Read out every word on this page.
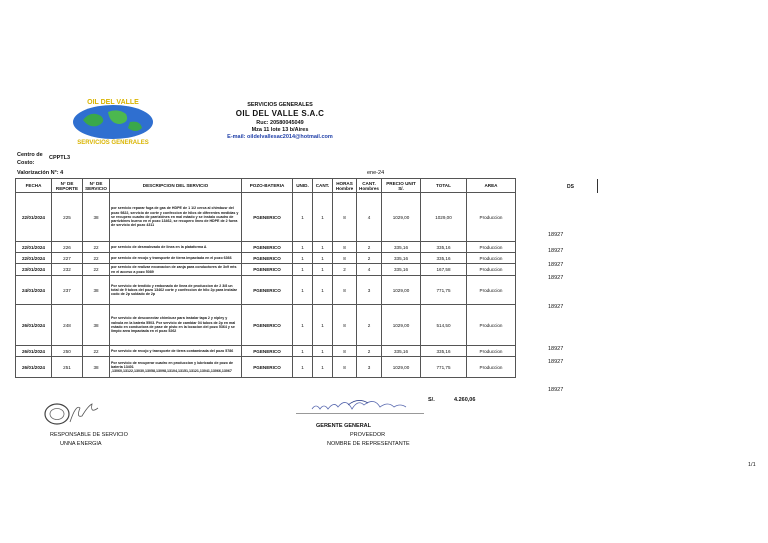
OIL DEL VALLE
SERVICIOS GENERALES
SERVICIOS GENERALES
OIL DEL VALLE S.A.C
Ruc: 20580045049
Mza 11 lote 13 b/Aires
E-mail: oildelvallesac2014@hotmail.com
Centro de Costo:
CPPTL3
Valorización N°: 4	ene-24
FECHA	N° DE REPORTE	N° DE SERVICIO	DESCRIPCION DEL SERVICIO	POZO-BATERIA	UNID.	CANT.	HORAS Hombre	CANT. Hombres	PRECIO UNIT S/.	TOTAL	AREA
22/01/2024	225	38	por servicio reparar fuga de gas de HDPE de 1 1/2 cerca al chimbusr del pozo 9822, servicio de corte y confeccion de hilos de diferentes medidas y se recupero cuadro de parrizbines en mal estado y se instalo cuadro de parrizbines bueno en el pozo 13462, se recupero lineo de HDPE de 2 fuera de servicio del pozo 4311	PGENERICO	1	1	8	4	1029,00	1029,00	Produccion
22/01/2024	226	22	por servicio de desmalezado de linea en la plataforma A	PGENERICO	1	1	8	2	335,16	335,16	Produccion
22/01/2024	227	22	por servicio de recojo y transporte de tierra impactada en el pozo 6366	PGENERICO	1	1	8	2	335,16	335,16	Produccion
23/01/2024	232	22	por servicio de realizar excavacion de zanja para conductores de 3x9 mts en el acceso a pozo 5089	PGENERICO	1	1	2	4	335,16	167,58	Produccion
24/01/2024	237	38	Por servicio de tendido y embonado de linea de produccion de 2 3/8 un total de 9 tubos del pozo 13462 corte y confeccion de hilo 2p para instalar codo de 2p soldado de 2p	PGENERICO	1	1	8	3	1029,00	771,75	Produccion
26/01/2024	248	38	Por servicio de desconectar chimbusr para instalar tapa 2 y nipley y valvula en la bateria 5503. Por servicio de cambiar 04 tubos de 2p en mal estado en conductora de pase de pisto en la locacion del pozo 5364 y se limpio area impactada en el pozo 5262	PGENERICO	1	1	8	2	1029,00	514,50	Produccion
26/01/2024	250	22	Por servicio de recojo y transporte de tierra contaminada del pozo 5786	PGENERICO	1	1	8	2	335,16	335,16	Produccion
26/01/2024	251	38	Por servicio de recuperar cuadro en produccion y lubricado de pozo de bateria 13401 ,13060,13122,13030,13058,13098,13104,13151,13121,13041,13066,13067	PGENERICO	1	1	8	3	1029,00	771,75	Produccion
DS
18927
18927
18927
18927
18927
18927
18927
18927
S/.	4.260,06
RESPONSABLE DE SERVICIO
UNNA ENERGIA
GERENTE GENERAL
PROVEEDOR
NOMBRE DE REPRESENTANTE
1/1
